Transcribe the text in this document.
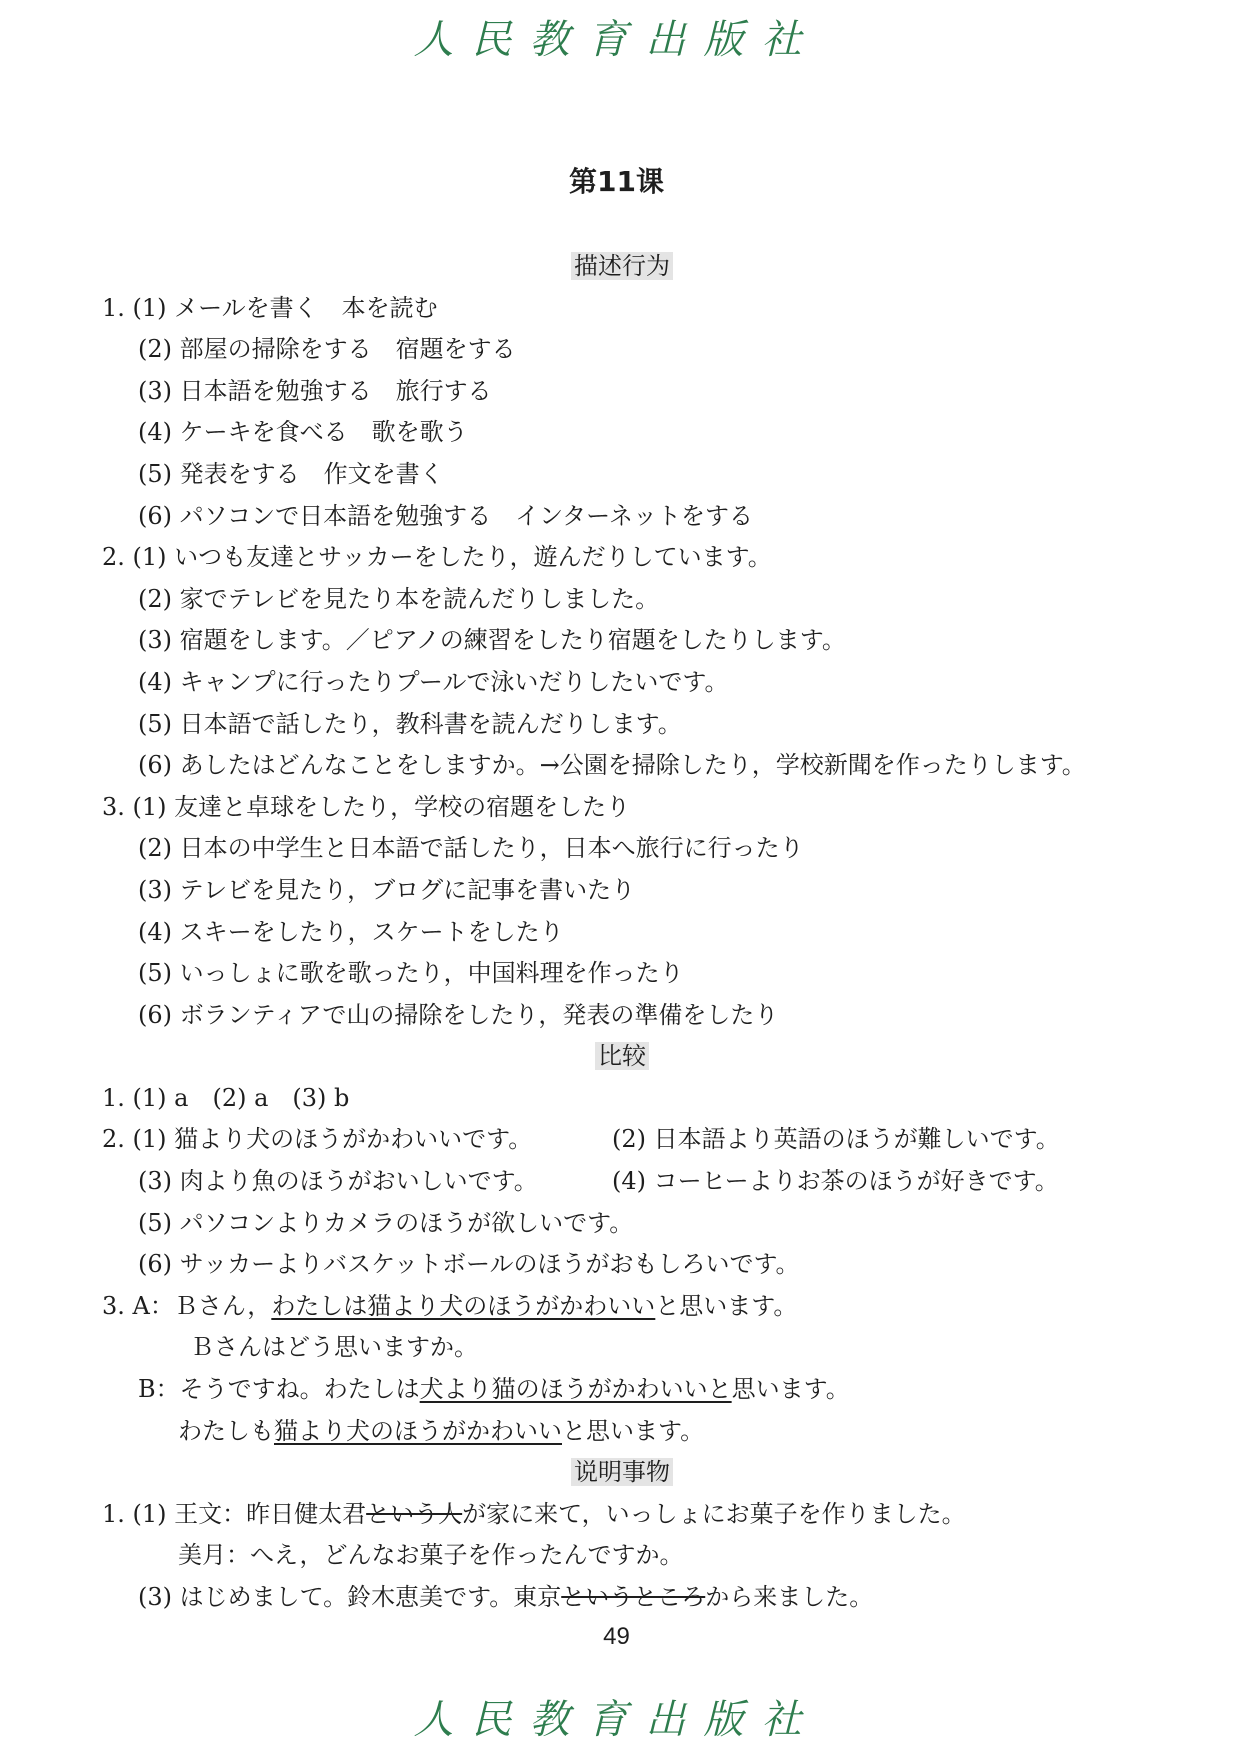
人民教育出版社
第11课
描述行为
1. (1) メールを書く　本を読む
(2) 部屋の掃除をする　宿題をする
(3) 日本語を勉強する　旅行する
(4) ケーキを食べる　歌を歌う
(5) 発表をする　作文を書く
(6) パソコンで日本語を勉強する　インターネットをする
2. (1) いつも友達とサッカーをしたり，遊んだりしています。
(2) 家でテレビを見たり本を読んだりしました。
(3) 宿題をします。／ピアノの練習をしたり宿題をしたりします。
(4) キャンプに行ったりプールで泳いだりしたいです。
(5) 日本語で話したり，教科書を読んだりします。
(6) あしたはどんなことをしますか。→公園を掃除したり，学校新聞を作ったりします。
3. (1) 友達と卓球をしたり，学校の宿題をしたり
(2) 日本の中学生と日本語で話したり，日本へ旅行に行ったり
(3) テレビを見たり，ブログに記事を書いたり
(4) スキーをしたり，スケートをしたり
(5) いっしょに歌を歌ったり，中国料理を作ったり
(6) ボランティアで山の掃除をしたり，発表の準備をしたり
比较
1. (1) a　(2) a　(3) b
2. (1) 猫より犬のほうがかわいいです。	(2) 日本語より英語のほうが難しいです。
(3) 肉より魚のほうがおいしいです。	(4) コーヒーよりお茶のほうが好きです。
(5) パソコンよりカメラのほうが欲しいです。
(6) サッカーよりバスケットボールのほうがおもしろいです。
3. A：Ｂさん，わたしは猫より犬のほうがかわいいと思います。
Ｂさんはどう思いますか。
B：そうですね。わたしは犬より猫のほうがかわいいと思います。
わたしも猫より犬のほうがかわいいと思います。
说明事物
1. (1) 王文：昨日健太君という人が家に来て，いっしょにお菓子を作りました。
美月：へえ，どんなお菓子を作ったんですか。
(3) はじめまして。鈴木恵美です。東京というところから来ました。
49
人民教育出版社
